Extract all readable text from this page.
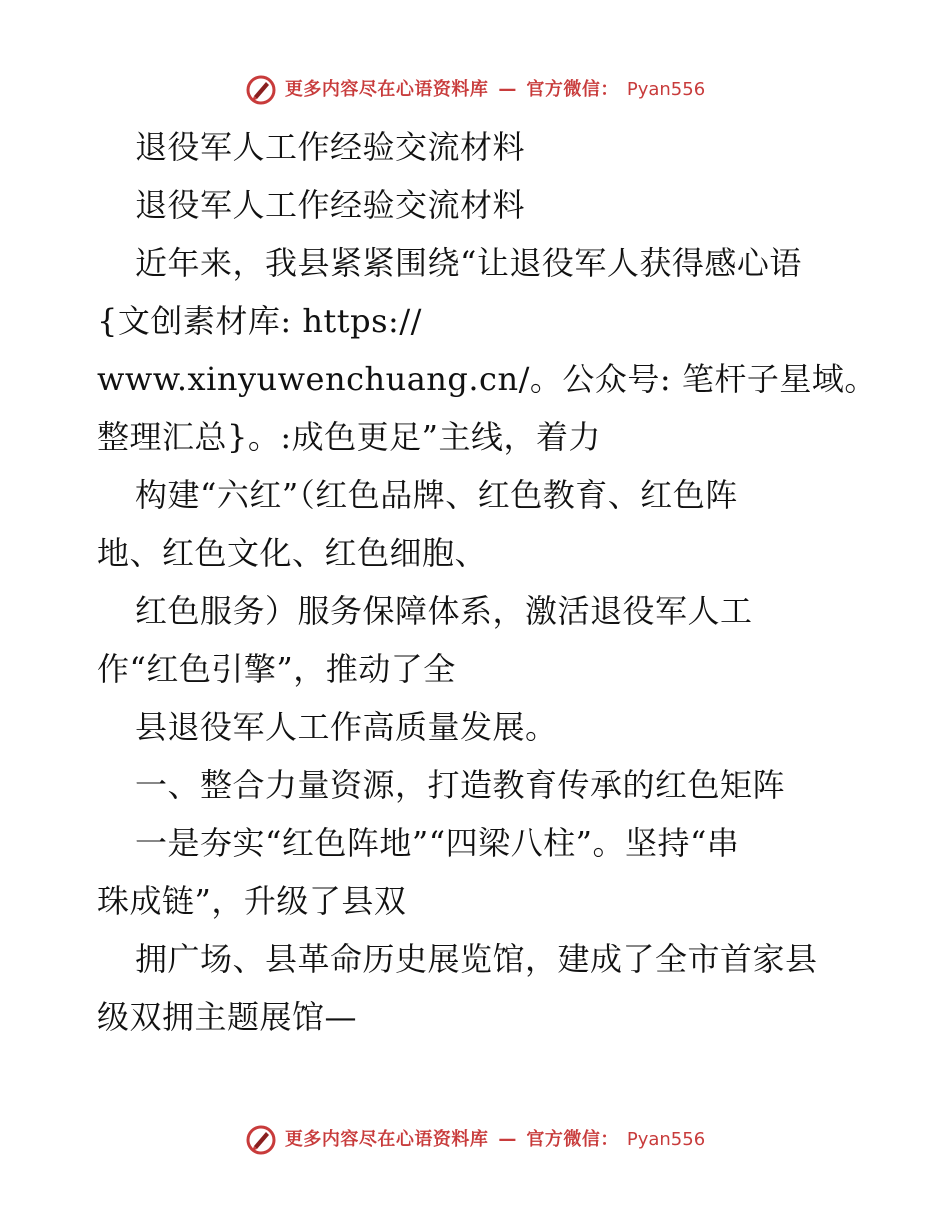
更多内容尽在心语资料库 — 官方微信： Pyan556

退役军人工作经验交流材料

退役军人工作经验交流材料

近年来，我县紧紧围绕“让退役军人获得感心语

{文创素材库: https://

www.xinyuwenchuang.cn/。公众号: 笔杆子星域。

整理汇总}。:成色更足”主线，着力

构建“六红”（红色品牌、红色教育、红色阵

地、红色文化、红色细胞、

红色服务）服务保障体系，激活退役军人工

作“红色引擎”，推动了全

县退役军人工作高质量发展。

一、整合力量资源，打造教育传承的红色矩阵

一是夯实“红色阵地”“四梁八柱”。坚持“串

珠成链”，升级了县双

拥广场、县革命历史展览馆，建成了全市首家县

级双拥主题展馆—

更多内容尽在心语资料库 — 官方微信： Pyan556
